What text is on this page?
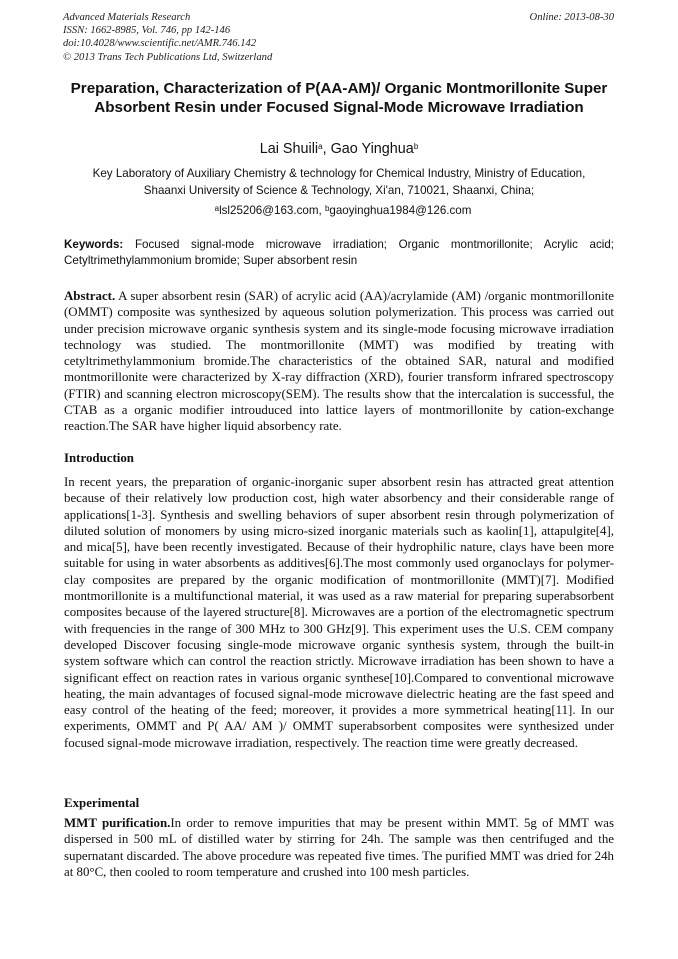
Advanced Materials Research
ISSN: 1662-8985, Vol. 746, pp 142-146
doi:10.4028/www.scientific.net/AMR.746.142
© 2013 Trans Tech Publications Ltd, Switzerland
Online: 2013-08-30
Preparation, Characterization of P(AA-AM)/ Organic Montmorillonite Super Absorbent Resin under Focused Signal-Mode Microwave Irradiation
Lai Shuili$^a$, Gao Yinghua$^b$
Key Laboratory of Auxiliary Chemistry & technology for Chemical Industry, Ministry of Education,
Shaanxi University of Science & Technology, Xi'an, 710021, Shaanxi, China;
$^a$lsl25206@163.com, $^b$gaoyinghua1984@126.com
Keywords: Focused signal-mode microwave irradiation; Organic montmorillonite; Acrylic acid; Cetyltrimethylammonium bromide; Super absorbent resin
Abstract. A super absorbent resin (SAR) of acrylic acid (AA)/acrylamide (AM) /organic montmorillonite (OMMT) composite was synthesized by aqueous solution polymerization. This process was carried out under precision microwave organic synthesis system and its single-mode focusing microwave irradiation technology was studied. The montmorillonite (MMT) was modified by treating with cetyltrimethylammonium bromide.The characteristics of the obtained SAR, natural and modified montmorillonite were characterized by X-ray diffraction (XRD), fourier transform infrared spectroscopy (FTIR) and scanning electron microscopy(SEM). The results show that the intercalation is successful, the CTAB as a organic modifier introuduced into lattice layers of montmorillonite by cation-exchange reaction.The SAR have higher liquid absorbency rate.
Introduction
In recent years, the preparation of organic-inorganic super absorbent resin has attracted great attention because of their relatively low production cost, high water absorbency and their considerable range of applications[1-3]. Synthesis and swelling behaviors of super absorbent resin through polymerization of diluted solution of monomers by using micro-sized inorganic materials such as kaolin[1], attapulgite[4], and mica[5], have been recently investigated. Because of their hydrophilic nature, clays have been more suitable for using in water absorbents as additives[6].The most commonly used organoclays for polymer-clay composites are prepared by the organic modification of montmorillonite (MMT)[7]. Modified montmorillonite is a multifunctional material, it was used as a raw material for preparing superabsorbent composites because of the layered structure[8]. Microwaves are a portion of the electromagnetic spectrum with frequencies in the range of 300 MHz to 300 GHz[9]. This experiment uses the U.S. CEM company developed Discover focusing single-mode microwave organic synthesis system, through the built-in system software which can control the reaction strictly. Microwave irradiation has been shown to have a significant effect on reaction rates in various organic synthese[10].Compared to conventional microwave heating, the main advantages of focused signal-mode microwave dielectric heating are the fast speed and easy control of the heating of the feed; moreover, it provides a more symmetrical heating[11]. In our experiments, OMMT and P( AA/ AM )/ OMMT superabsorbent composites were synthesized under focused signal-mode microwave irradiation, respectively. The reaction time were greatly decreased.
Experimental
MMT purification.In order to remove impurities that may be present within MMT. 5g of MMT was dispersed in 500 mL of distilled water by stirring for 24h. The sample was then centrifuged and the supernatant discarded. The above procedure was repeated five times. The purified MMT was dried for 24h at 80°C, then cooled to room temperature and crushed into 100 mesh particles.
